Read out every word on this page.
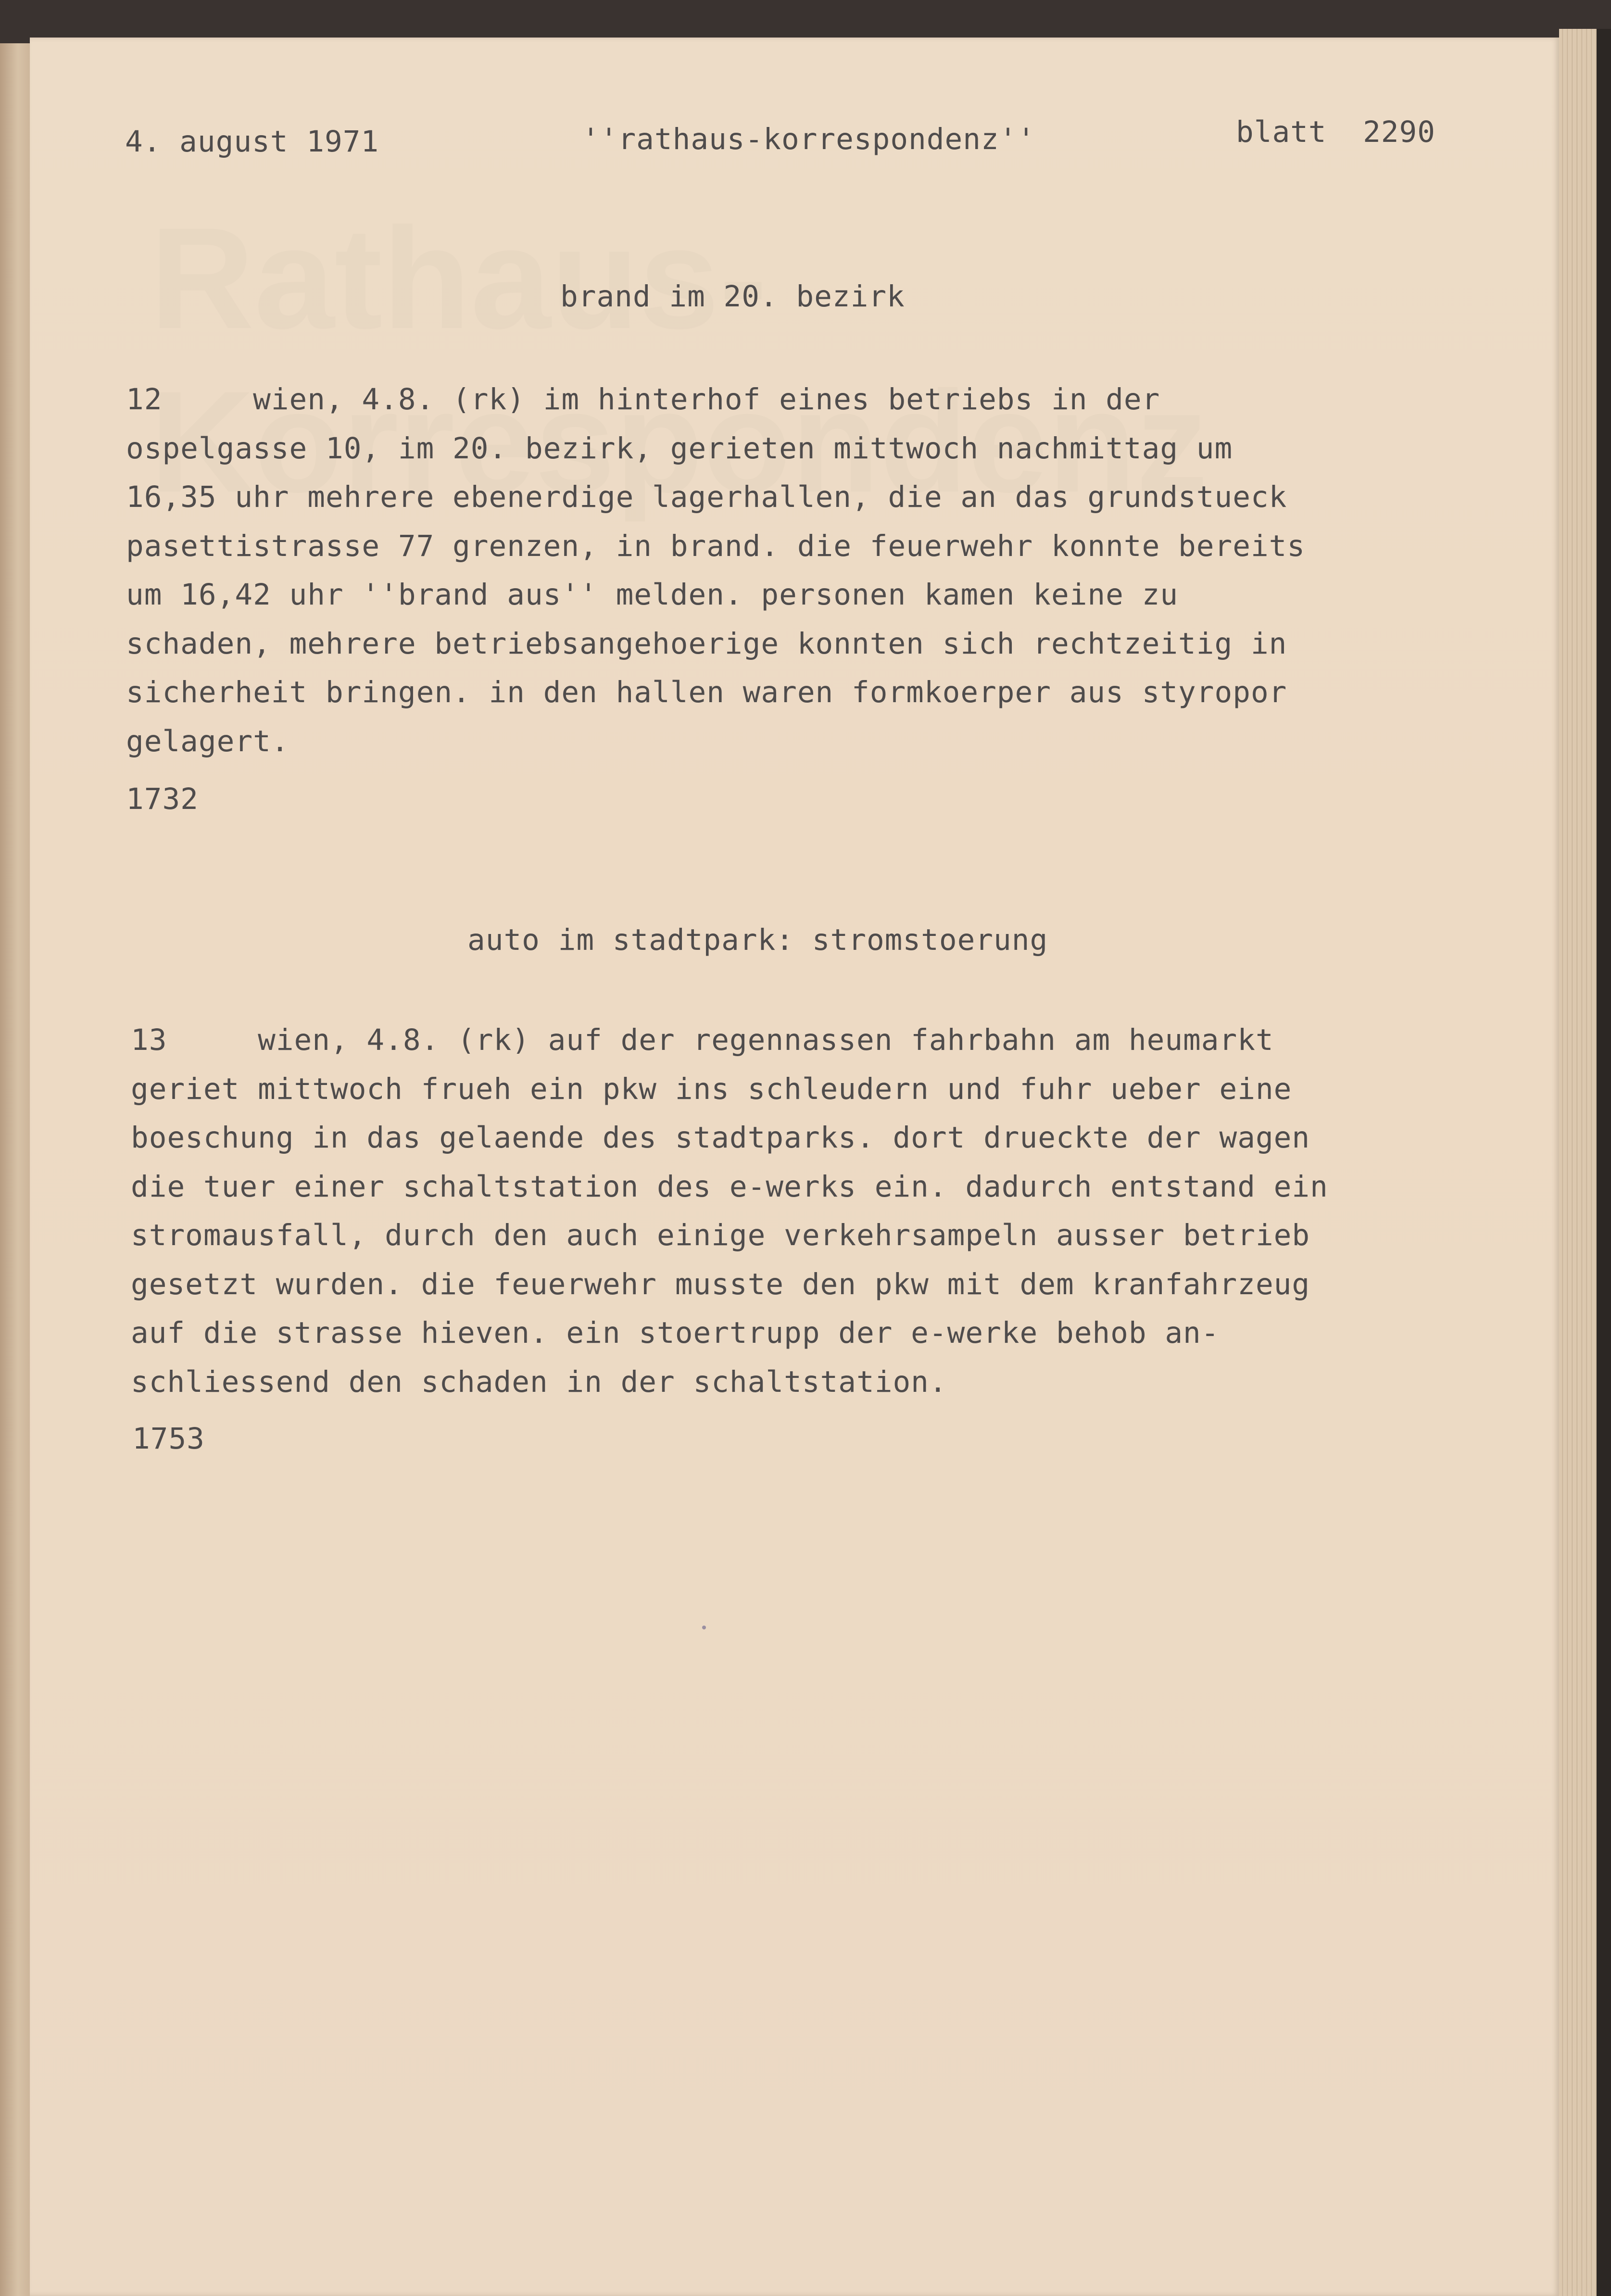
4. august 1971	''rathaus-korrespondenz''	blatt  2290
brand im 20. bezirk
12     wien, 4.8. (rk) im hinterhof eines betriebs in der
ospelgasse 10, im 20. bezirk, gerieten mittwoch nachmittag um
16,35 uhr mehrere ebenerdige lagerhallen, die an das grundstueck
pasettistrasse 77 grenzen, in brand. die feuerwehr konnte bereits
um 16,42 uhr ''brand aus'' melden. personen kamen keine zu
schaden, mehrere betriebsangehoerige konnten sich rechtzeitig in
sicherheit bringen. in den hallen waren formkoerper aus styropor
gelagert.
1732
auto im stadtpark: stromstoerung
13     wien, 4.8. (rk) auf der regennassen fahrbahn am heumarkt
geriet mittwoch frueh ein pkw ins schleudern und fuhr ueber eine
boeschung in das gelaende des stadtparks. dort drueckte der wagen
die tuer einer schaltstation des e-werks ein. dadurch entstand ein
stromausfall, durch den auch einige verkehrsampeln ausser betrieb
gesetzt wurden. die feuerwehr musste den pkw mit dem kranfahrzeug
auf die strasse hieven. ein stoertrupp der e-werke behob an-
schliessend den schaden in der schaltstation.
1753
